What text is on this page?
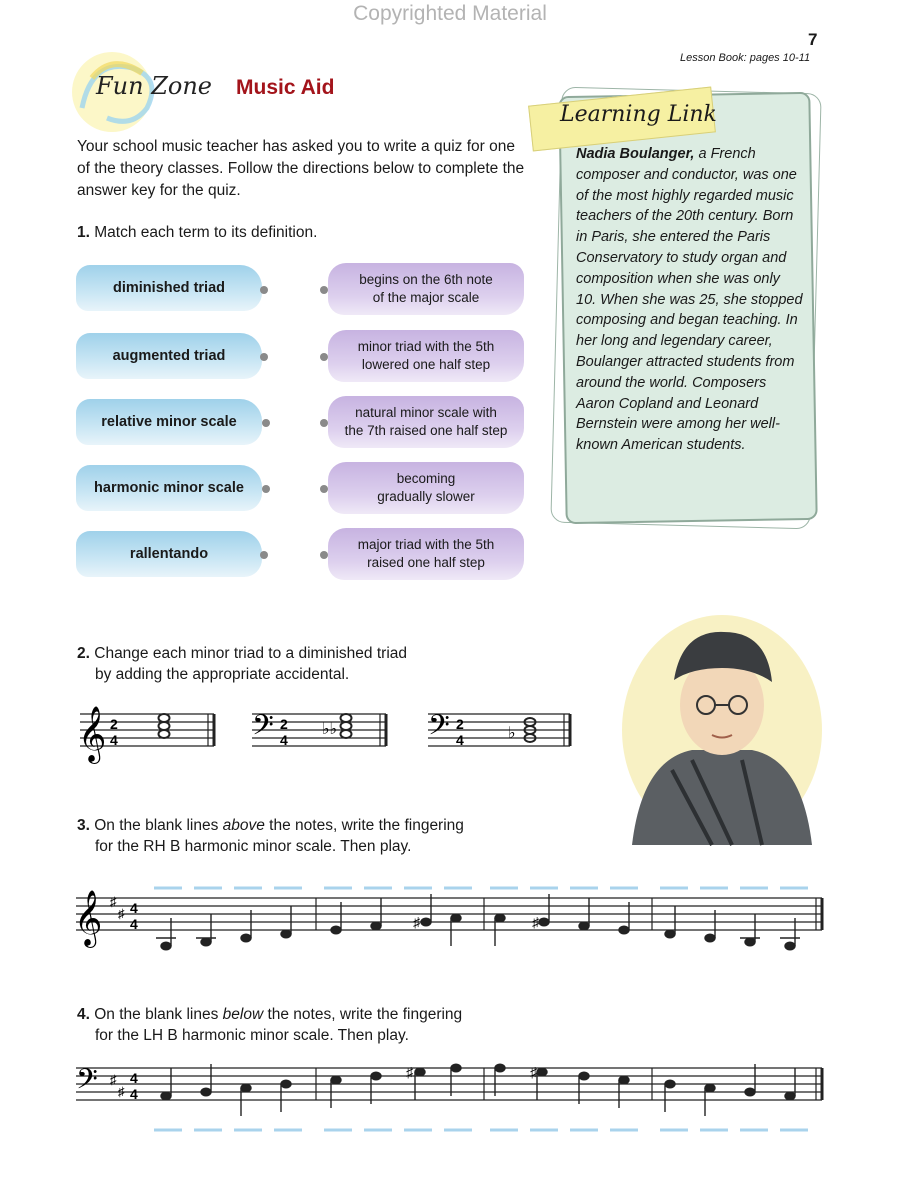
Copyrighted Material
7
Lesson Book: pages 10-11
Fun Zone Music Aid
Your school music teacher has asked you to write a quiz for one of the theory classes. Follow the directions below to complete the answer key for the quiz.
1. Match each term to its definition.
diminished triad
augmented triad
relative minor scale
harmonic minor scale
rallentando
begins on the 6th note
of the major scale
minor triad with the 5th
lowered one half step
natural minor scale with
the 7th raised one half step
becoming
gradually slower
major triad with the 5th
raised one half step
Learning Link
Nadia Boulanger, a French composer and conductor, was one of the most highly regarded music teachers of the 20th century. Born in Paris, she entered the Paris Conservatory to study organ and composition when she was only 10. When she was 25, she stopped composing and began teaching. In her long and legendary career, Boulanger attracted students from around the world. Composers Aaron Copland and Leonard Bernstein were among her well-known American students.
2. Change each minor triad to a diminished triad
by adding the appropriate accidental.
𝄞 2
4	𝄢 2
4
♭♭	𝄢 2
4	♭
3. On the blank lines above the notes, write the fingering
for the RH B harmonic minor scale. Then play.
𝄞 ♯
♯ 4
4	♯	♯
4. On the blank lines below the notes, write the fingering
for the LH B harmonic minor scale. Then play.
𝄢 ♯
♯
4
4
♯	♯
